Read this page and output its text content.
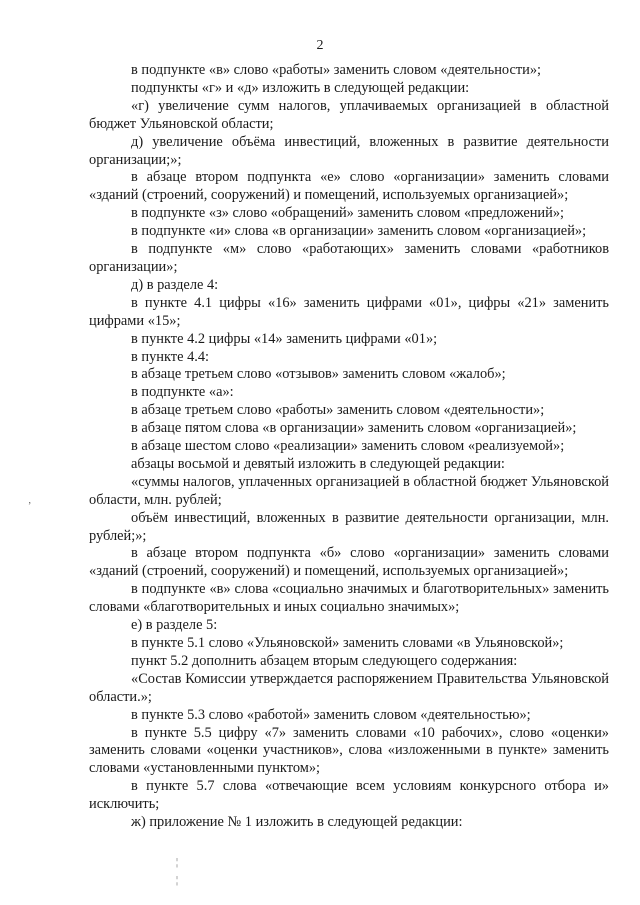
2

в подпункте «в» слово «работы» заменить словом «деятельности»;

подпункты «г» и «д» изложить в следующей редакции:

«г) увеличение сумм налогов, уплачиваемых организацией в областной бюджет Ульяновской области;

д) увеличение объёма инвестиций, вложенных в развитие деятельности организации;»;

в абзаце втором подпункта «е» слово «организации» заменить словами «зданий (строений, сооружений) и помещений, используемых организацией»;

в подпункте «з» слово «обращений» заменить словом «предложений»;

в подпункте «и» слова «в организации» заменить словом «организацией»;

в подпункте «м» слово «работающих» заменить словами «работников организации»;

д) в разделе 4:

в пункте 4.1 цифры «16» заменить цифрами «01», цифры «21» заменить цифрами «15»;

в пункте 4.2 цифры «14» заменить цифрами «01»;

в пункте 4.4:

в абзаце третьем слово «отзывов» заменить словом «жалоб»;

в подпункте «а»:

в абзаце третьем слово «работы» заменить словом «деятельности»;

в абзаце пятом слова «в организации» заменить словом «организацией»;

в абзаце шестом слово «реализации» заменить словом «реализуемой»;

абзацы восьмой и девятый изложить в следующей редакции:

«суммы налогов, уплаченных организацией в областной бюджет Ульяновской области, млн. рублей;

объём инвестиций, вложенных в развитие деятельности организации, млн. рублей;»;

в абзаце втором подпункта «б» слово «организации» заменить словами «зданий (строений, сооружений) и помещений, используемых организацией»;

в подпункте «в» слова «социально значимых и благотворительных» заменить словами «благотворительных и иных социально значимых»;

е) в разделе 5:

в пункте 5.1 слово «Ульяновской» заменить словами «в Ульяновской»;

пункт 5.2 дополнить абзацем вторым следующего содержания:

«Состав Комиссии утверждается распоряжением Правительства Ульяновской области.»;

в пункте 5.3 слово «работой» заменить словом «деятельностью»;

в пункте 5.5 цифру «7» заменить словами «10 рабочих», слово «оценки» заменить словами «оценки участников», слова «изложенными в пункте» заменить словами «установленными пунктом»;

в пункте 5.7 слова «отвечающие всем условиям конкурсного отбора и» исключить;

ж) приложение № 1 изложить в следующей редакции:

ʼ
¦
¦
